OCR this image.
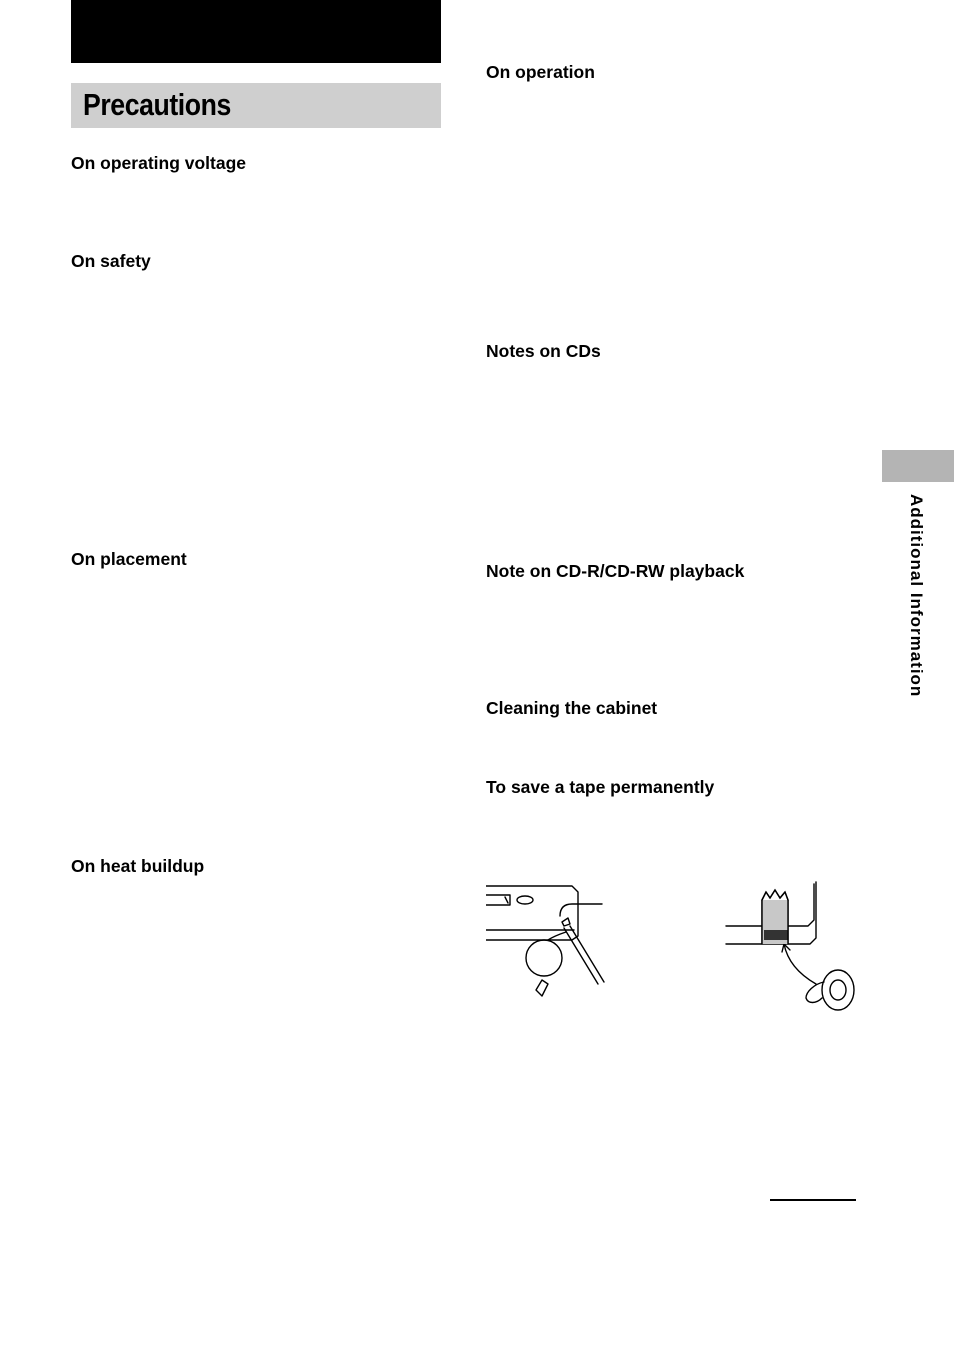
Precautions
On operating voltage
On safety
On placement
On heat buildup
On operation
Notes on CDs
Note on CD-R/CD-RW playback
Cleaning the cabinet
To save a tape permanently
Additional Information
